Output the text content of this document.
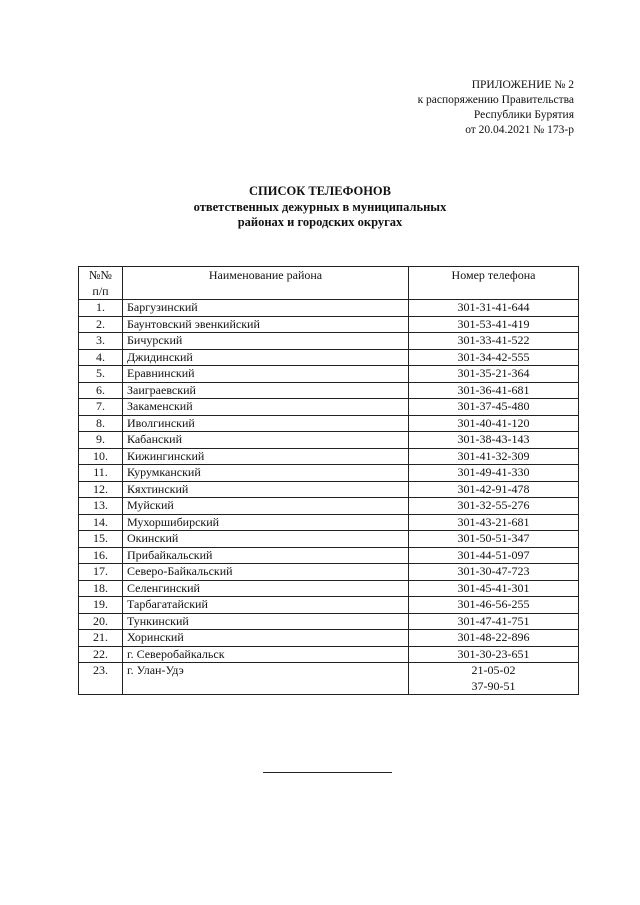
ПРИЛОЖЕНИЕ № 2
к распоряжению Правительства
Республики Бурятия
от 20.04.2021 № 173-р
СПИСОК ТЕЛЕФОНОВ
ответственных дежурных в муниципальных
районах и городских округах
№№
п/п	Наименование района	Номер телефона
1.	Баргузинский	301-31-41-644
2.	Баунтовский эвенкийский	301-53-41-419
3.	Бичурский	301-33-41-522
4.	Джидинский	301-34-42-555
5.	Еравнинский	301-35-21-364
6.	Заиграевский	301-36-41-681
7.	Закаменский	301-37-45-480
8.	Иволгинский	301-40-41-120
9.	Кабанский	301-38-43-143
10.	Кижингинский	301-41-32-309
11.	Курумканский	301-49-41-330
12.	Кяхтинский	301-42-91-478
13.	Муйский	301-32-55-276
14.	Мухоршибирский	301-43-21-681
15.	Окинский	301-50-51-347
16.	Прибайкальский	301-44-51-097
17.	Северо-Байкальский	301-30-47-723
18.	Селенгинский	301-45-41-301
19.	Тарбагатайский	301-46-56-255
20.	Тункинский	301-47-41-751
21.	Хоринский	301-48-22-896
22.	г. Северобайкальск	301-30-23-651
23.	г. Улан-Удэ	21-05-02
37-90-51
